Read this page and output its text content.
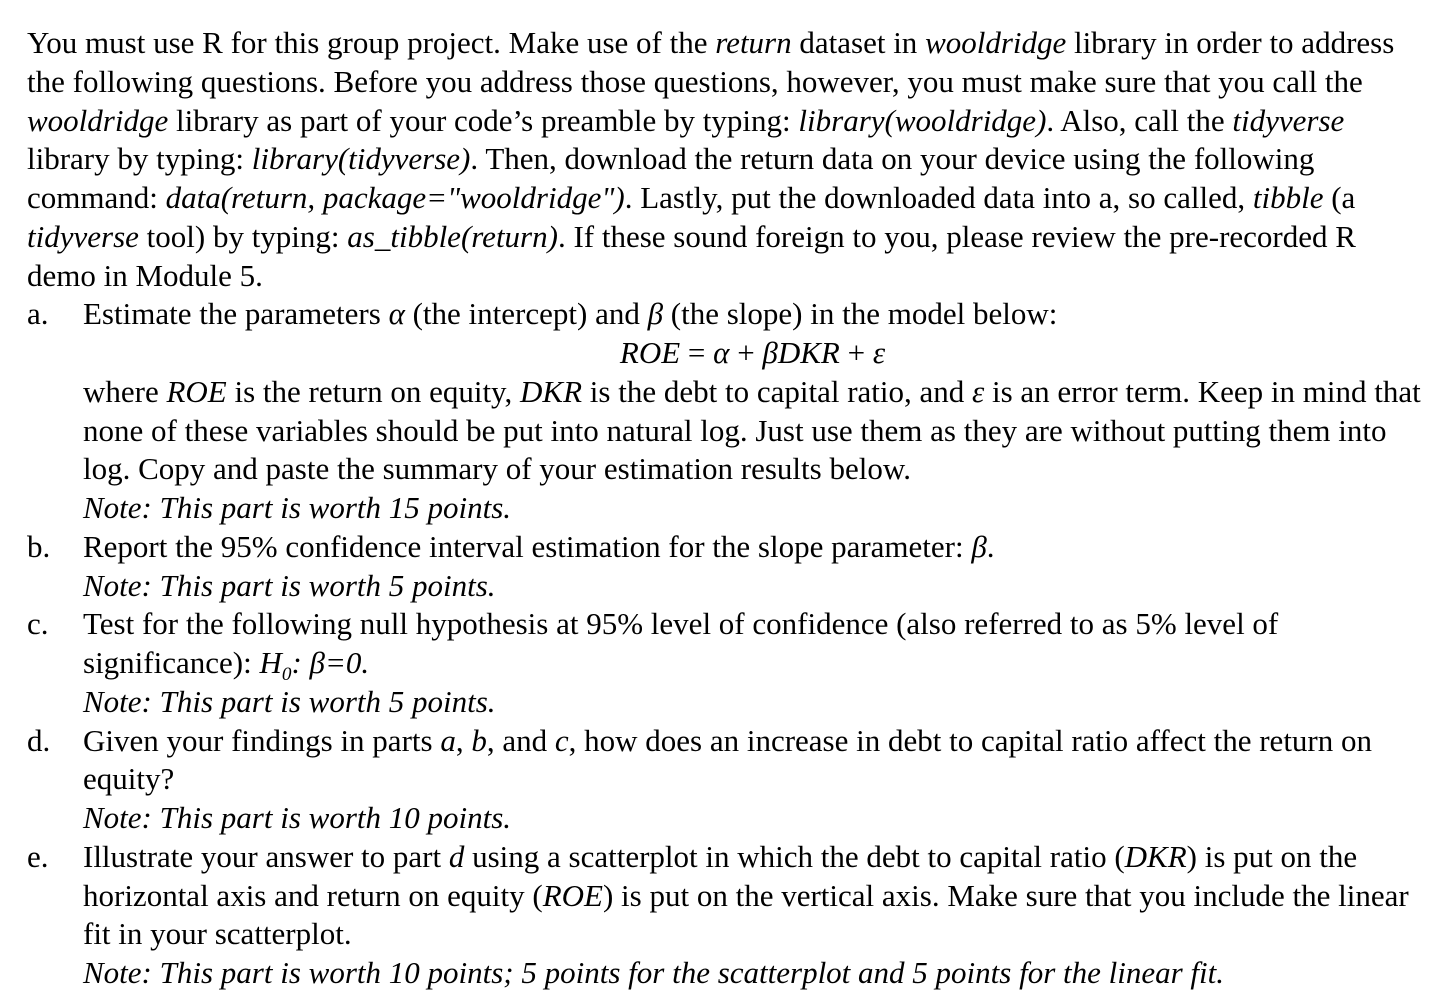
You must use R for this group project. Make use of the return dataset in wooldridge library in order to address the following questions. Before you address those questions, however, you must make sure that you call the wooldridge library as part of your code’s preamble by typing: library(wooldridge). Also, call the tidyverse library by typing: library(tidyverse). Then, download the return data on your device using the following command: data(return, package="wooldridge"). Lastly, put the downloaded data into a, so called, tibble (a tidyverse tool) by typing: as_tibble(return). If these sound foreign to you, please review the pre-recorded R demo in Module 5.

a.	Estimate the parameters α (the intercept) and β (the slope) in the model below:

ROE = α + βDKR + ε

where ROE is the return on equity, DKR is the debt to capital ratio, and ε is an error term. Keep in mind that none of these variables should be put into natural log. Just use them as they are without putting them into log. Copy and paste the summary of your estimation results below.

Note: This part is worth 15 points.

b.	Report the 95% confidence interval estimation for the slope parameter: β.

Note: This part is worth 5 points.

c.	Test for the following null hypothesis at 95% level of confidence (also referred to as 5% level of significance): $H_0$: β=0.

Note: This part is worth 5 points.

d.	Given your findings in parts a, b, and c, how does an increase in debt to capital ratio affect the return on equity?

Note: This part is worth 10 points.

e.	Illustrate your answer to part d using a scatterplot in which the debt to capital ratio (DKR) is put on the horizontal axis and return on equity (ROE) is put on the vertical axis. Make sure that you include the linear fit in your scatterplot.

Note: This part is worth 10 points; 5 points for the scatterplot and 5 points for the linear fit.
